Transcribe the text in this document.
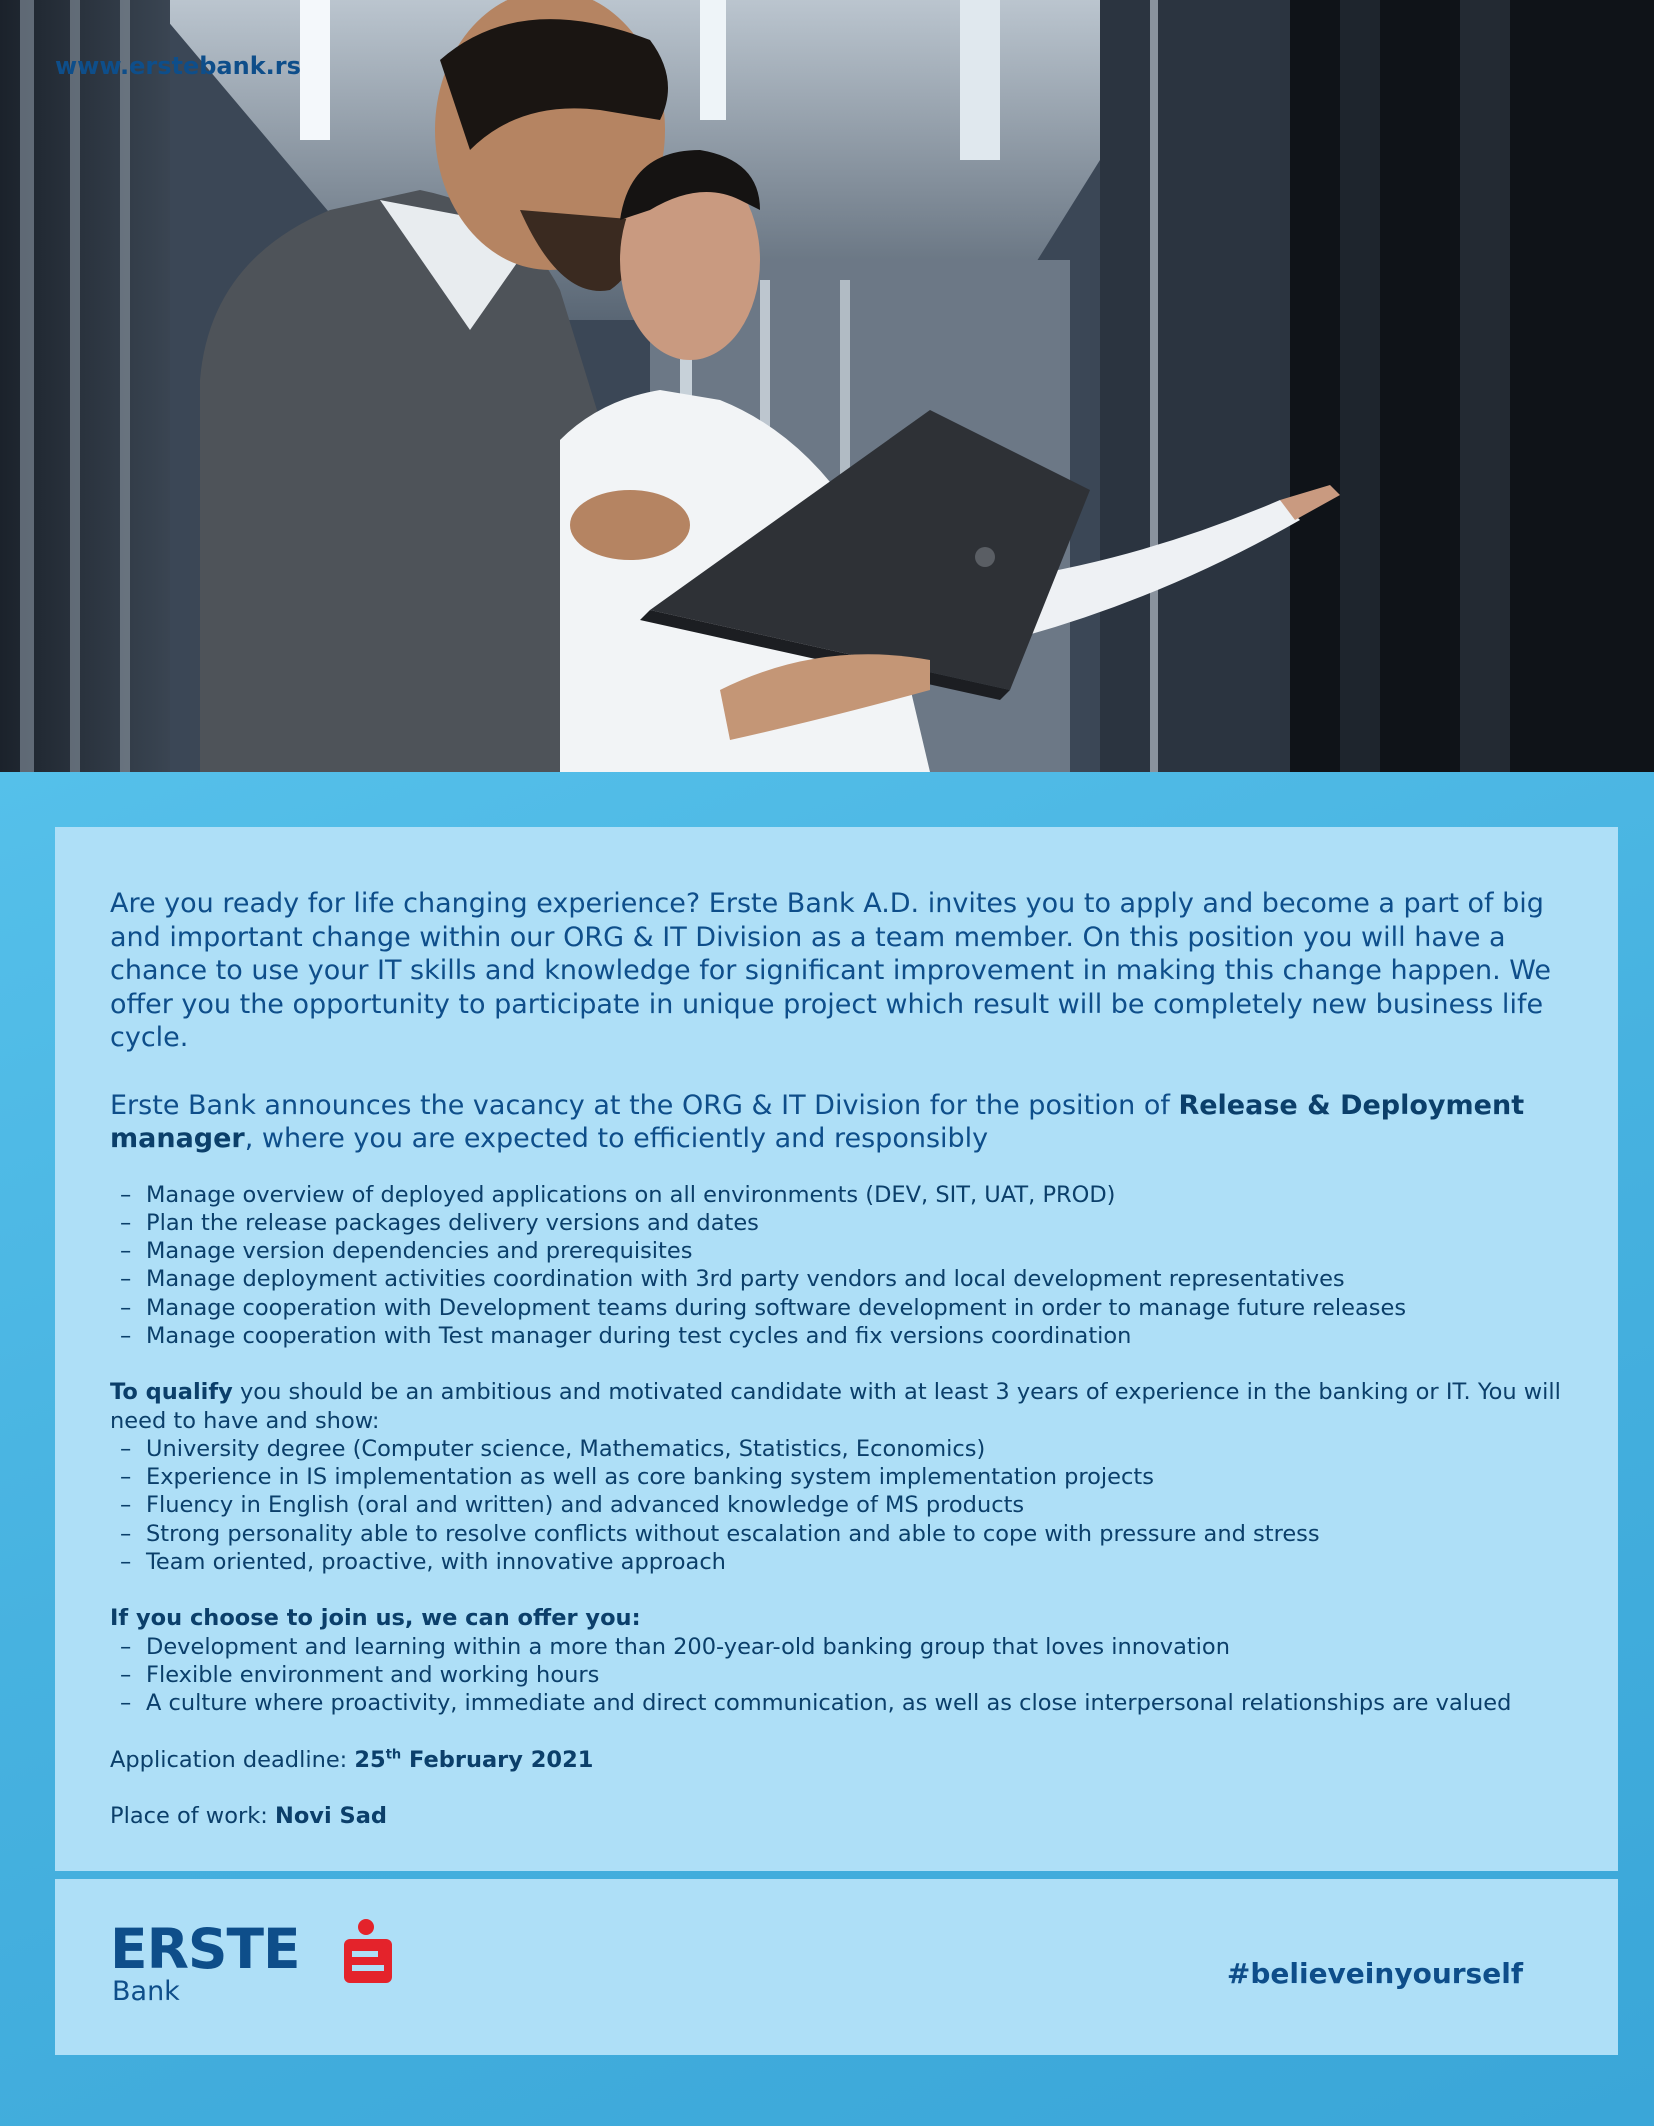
www.erstebank.rs

Are you ready for life changing experience? Erste Bank A.D. invites you to apply and become a part of big and important change within our ORG & IT Division as a team member. On this position you will have a chance to use your IT skills and knowledge for significant improvement in making this change happen. We offer you the opportunity to participate in unique project which result will be completely new business life cycle.

Erste Bank announces the vacancy at the ORG & IT Division for the position of Release & Deployment manager, where you are expected to efficiently and responsibly

– Manage overview of deployed applications on all environments (DEV, SIT, UAT, PROD)
– Plan the release packages delivery versions and dates
– Manage version dependencies and prerequisites
– Manage deployment activities coordination with 3rd party vendors and local development representatives
– Manage cooperation with Development teams during software development in order to manage future releases
– Manage cooperation with Test manager during test cycles and fix versions coordination

To qualify you should be an ambitious and motivated candidate with at least 3 years of experience in the banking or IT. You will need to have and show:

– University degree (Computer science, Mathematics, Statistics, Economics)
– Experience in IS implementation as well as core banking system implementation projects
– Fluency in English (oral and written) and advanced knowledge of MS products
– Strong personality able to resolve conflicts without escalation and able to cope with pressure and stress
– Team oriented, proactive, with innovative approach

If you choose to join us, we can offer you:

– Development and learning within a more than 200-year-old banking group that loves innovation
– Flexible environment and working hours
– A culture where proactivity, immediate and direct communication, as well as close interpersonal relationships are valued

Application deadline: 25th February 2021

Place of work: Novi Sad

ERSTE
Bank
#believeinyourself
